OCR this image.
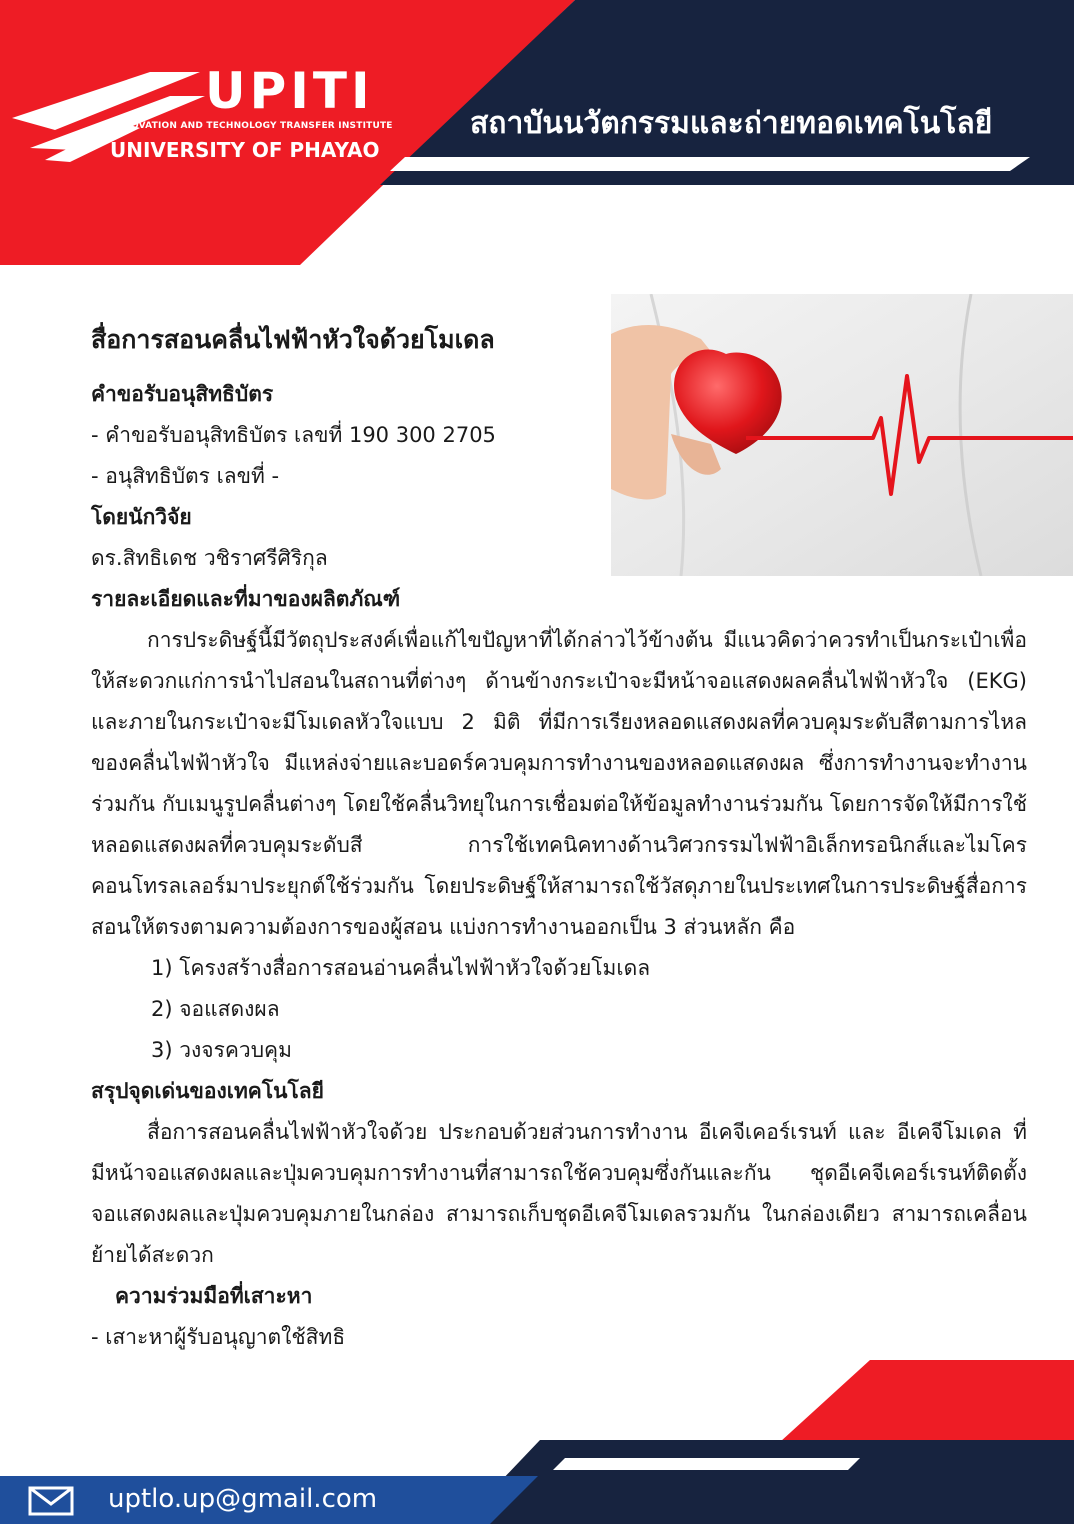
UPITI
INNOVATION AND TECHNOLOGY TRANSFER INSTITUTE
UNIVERSITY OF PHAYAO
สถาบันนวัตกรรมและถ่ายทอดเทคโนโลยี
สื่อการสอนคลื่นไฟฟ้าหัวใจด้วยโมเดล
คำขอรับอนุสิทธิบัตร
- คำขอรับอนุสิทธิบัตร เลขที่ 190 300 2705
- อนุสิทธิบัตร เลขที่ -
โดยนักวิจัย
ดร.สิทธิเดช วชิราศรีศิริกุล
รายละเอียดและที่มาของผลิตภัณฑ์
การประดิษฐ์นี้มีวัตถุประสงค์เพื่อแก้ไขปัญหาที่ได้กล่าวไว้ข้างต้น มีแนวคิดว่าควรทำเป็นกระเป๋าเพื่อให้สะดวกแก่การนำไปสอนในสถานที่ต่างๆ ด้านข้างกระเป๋าจะมีหน้าจอแสดงผลคลื่นไฟฟ้าหัวใจ (EKG) และภายในกระเป๋าจะมีโมเดลหัวใจแบบ 2 มิติ ที่มีการเรียงหลอดแสดงผลที่ควบคุมระดับสีตามการไหลของคลื่นไฟฟ้าหัวใจ มีแหล่งจ่ายและบอดร์ควบคุมการทำงานของหลอดแสดงผล ซึ่งการทำงานจะทำงานร่วมกัน กับเมนูรูปคลื่นต่างๆ โดยใช้คลื่นวิทยุในการเชื่อมต่อให้ข้อมูลทำงานร่วมกัน โดยการจัดให้มีการใช้หลอดแสดงผลที่ควบคุมระดับสี การใช้เทคนิคทางด้านวิศวกรรมไฟฟ้าอิเล็กทรอนิกส์และไมโครคอนโทรลเลอร์มาประยุกต์ใช้ร่วมกัน โดยประดิษฐ์ให้สามารถใช้วัสดุภายในประเทศในการประดิษฐ์สื่อการสอนให้ตรงตามความต้องการของผู้สอน แบ่งการทำงานออกเป็น 3 ส่วนหลัก คือ
1) โครงสร้างสื่อการสอนอ่านคลื่นไฟฟ้าหัวใจด้วยโมเดล
2) จอแสดงผล
3) วงจรควบคุม
สรุปจุดเด่นของเทคโนโลยี
สื่อการสอนคลื่นไฟฟ้าหัวใจด้วย ประกอบด้วยส่วนการทำงาน อีเคจีเคอร์เรนท์ และ อีเคจีโมเดล ที่มีหน้าจอแสดงผลและปุ่มควบคุมการทำงานที่สามารถใช้ควบคุมซึ่งกันและกัน ชุดอีเคจีเคอร์เรนท์ติดตั้งจอแสดงผลและปุ่มควบคุมภายในกล่อง สามารถเก็บชุดอีเคจีโมเดลรวมกัน ในกล่องเดียว สามารถเคลื่อนย้ายได้สะดวก
ความร่วมมือที่เสาะหา
- เสาะหาผู้รับอนุญาตใช้สิทธิ
uptlo.up@gmail.com
